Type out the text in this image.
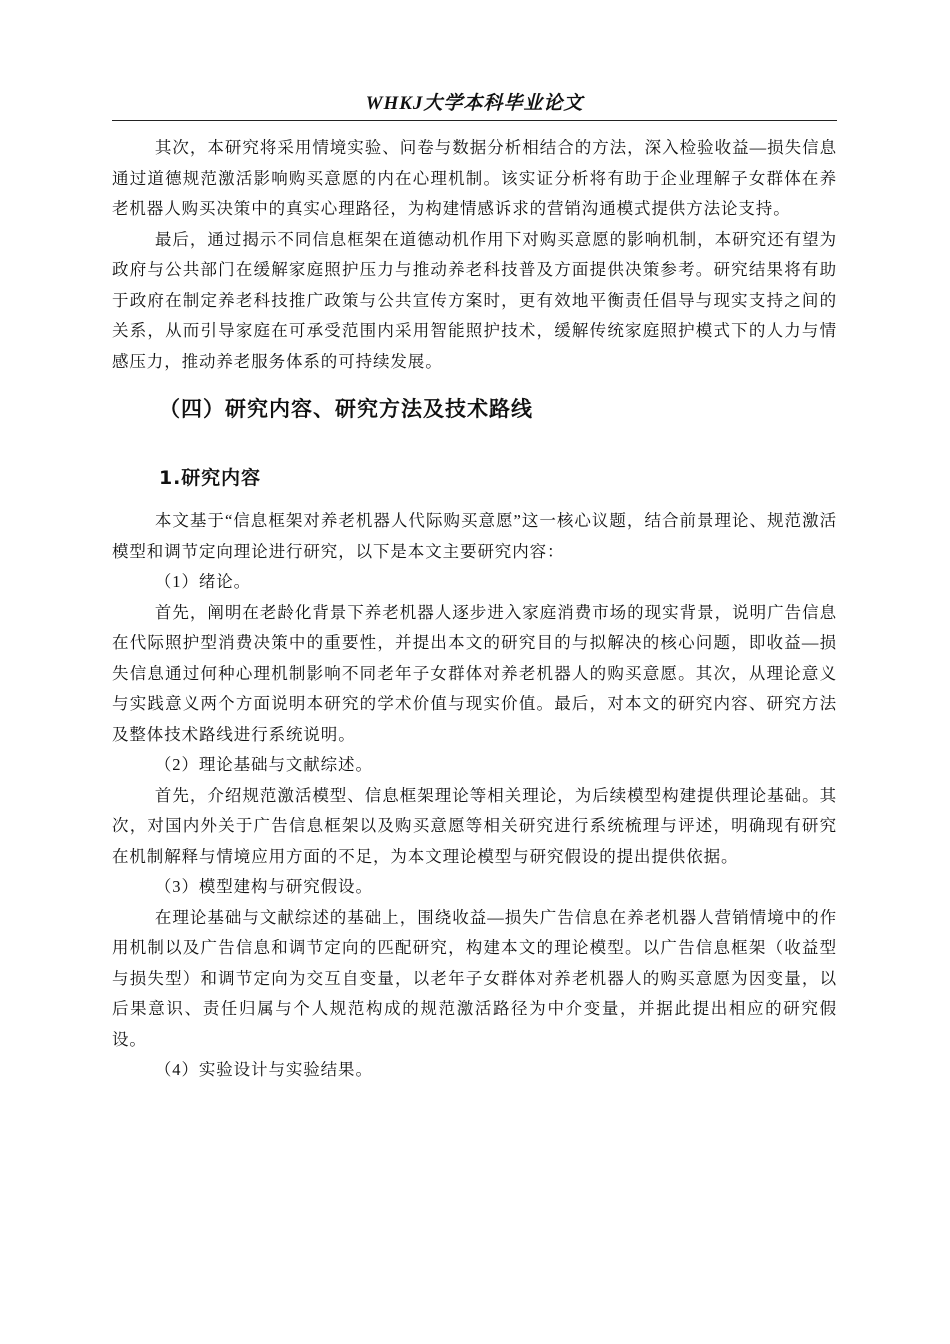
WHKJ大学本科毕业论文

其次，本研究将采用情境实验、问卷与数据分析相结合的方法，深入检验收益—损失信息通过道德规范激活影响购买意愿的内在心理机制。该实证分析将有助于企业理解子女群体在养老机器人购买决策中的真实心理路径，为构建情感诉求的营销沟通模式提供方法论支持。

最后，通过揭示不同信息框架在道德动机作用下对购买意愿的影响机制，本研究还有望为政府与公共部门在缓解家庭照护压力与推动养老科技普及方面提供决策参考。研究结果将有助于政府在制定养老科技推广政策与公共宣传方案时，更有效地平衡责任倡导与现实支持之间的关系，从而引导家庭在可承受范围内采用智能照护技术，缓解传统家庭照护模式下的人力与情感压力，推动养老服务体系的可持续发展。

（四）研究内容、研究方法及技术路线
1.研究内容

本文基于“信息框架对养老机器人代际购买意愿”这一核心议题，结合前景理论、规范激活模型和调节定向理论进行研究，以下是本文主要研究内容：

（1）绪论。

首先，阐明在老龄化背景下养老机器人逐步进入家庭消费市场的现实背景，说明广告信息在代际照护型消费决策中的重要性，并提出本文的研究目的与拟解决的核心问题，即收益—损失信息通过何种心理机制影响不同老年子女群体对养老机器人的购买意愿。其次，从理论意义与实践意义两个方面说明本研究的学术价值与现实价值。最后，对本文的研究内容、研究方法及整体技术路线进行系统说明。

（2）理论基础与文献综述。

首先，介绍规范激活模型、信息框架理论等相关理论，为后续模型构建提供理论基础。其次，对国内外关于广告信息框架以及购买意愿等相关研究进行系统梳理与评述，明确现有研究在机制解释与情境应用方面的不足，为本文理论模型与研究假设的提出提供依据。

（3）模型建构与研究假设。

在理论基础与文献综述的基础上，围绕收益—损失广告信息在养老机器人营销情境中的作用机制以及广告信息和调节定向的匹配研究，构建本文的理论模型。以广告信息框架（收益型与损失型）和调节定向为交互自变量，以老年子女群体对养老机器人的购买意愿为因变量，以后果意识、责任归属与个人规范构成的规范激活路径为中介变量，并据此提出相应的研究假设。

（4）实验设计与实验结果。
